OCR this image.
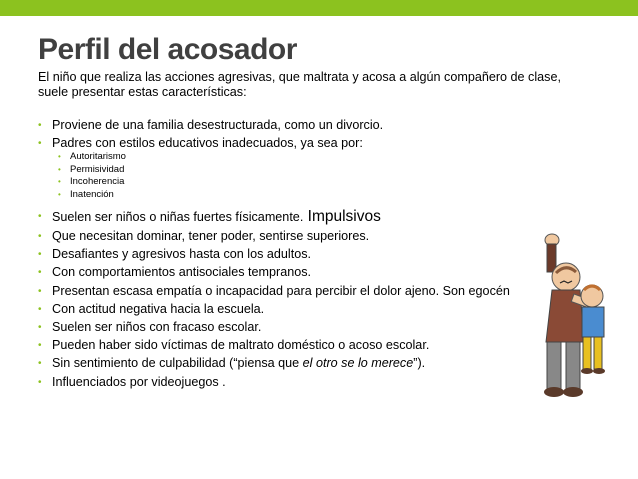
Perfil del acosador
El niño que realiza las acciones agresivas, que maltrata y acosa a algún compañero de clase, suele presentar estas características:
• Proviene de una familia desestructurada, como un divorcio.
• Padres con estilos educativos inadecuados, ya sea por:
• Autoritarismo
• Permisividad
• Incoherencia
• Inatención
• Suelen ser niños o niñas fuertes físicamente. Impulsivos
• Que necesitan dominar, tener poder, sentirse superiores.
• Desafiantes y agresivos hasta con los adultos.
• Con comportamientos antisociales tempranos.
• Presentan escasa empatía o incapacidad para percibir el dolor ajeno. Son egocén
• Con actitud negativa hacia la escuela.
• Suelen ser niños con fracaso escolar.
• Pueden haber sido víctimas de maltrato doméstico o acoso escolar.
• Sin sentimiento de culpabilidad (“piensa que el otro se lo merece”).
• Influenciados por videojuegos .
